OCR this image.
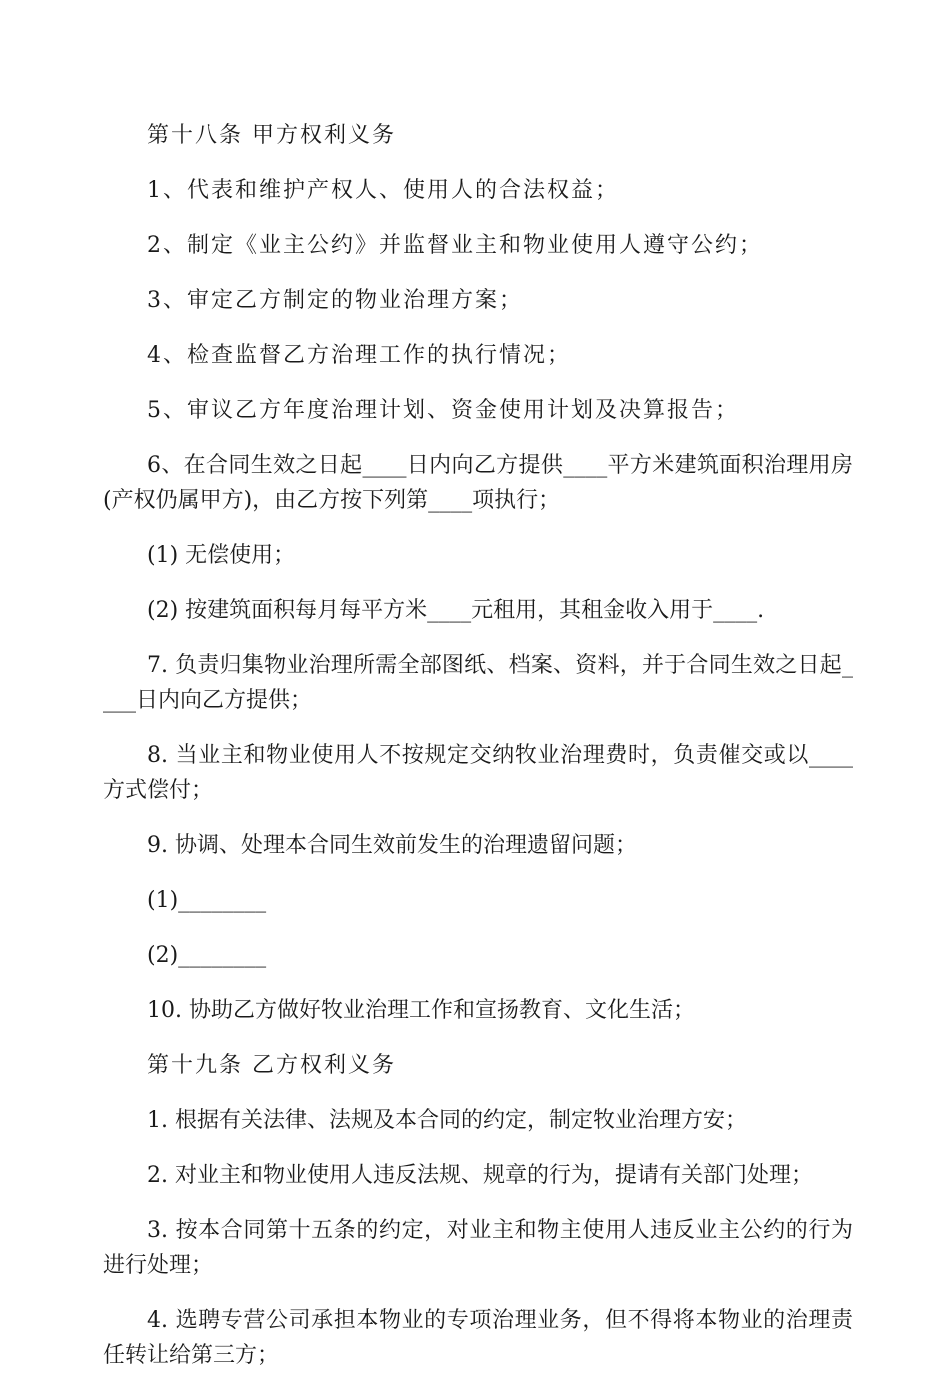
第十八条 甲方权利义务

1、代表和维护产权人、使用人的合法权益；

2、制定《业主公约》并监督业主和物业使用人遵守公约；

3、审定乙方制定的物业治理方案；

4、检查监督乙方治理工作的执行情况；

5、审议乙方年度治理计划、资金使用计划及决算报告；

6、在合同生效之日起____日内向乙方提供____平方米建筑面积治理用房(产权仍属甲方)，由乙方按下列第____项执行；

(1) 无偿使用；

(2) 按建筑面积每月每平方米____元租用，其租金收入用于____.

7. 负责归集物业治理所需全部图纸、档案、资料，并于合同生效之日起____日内向乙方提供；

8. 当业主和物业使用人不按规定交纳牧业治理费时，负责催交或以____方式偿付；

9. 协调、处理本合同生效前发生的治理遗留问题；

(1)________

(2)________

10. 协助乙方做好牧业治理工作和宣扬教育、文化生活；

第十九条 乙方权利义务

1. 根据有关法律、法规及本合同的约定，制定牧业治理方安；

2. 对业主和物业使用人违反法规、规章的行为，提请有关部门处理；

3. 按本合同第十五条的约定，对业主和物主使用人违反业主公约的行为进行处理；

4. 选聘专营公司承担本物业的专项治理业务，但不得将本物业的治理责任转让给第三方；
